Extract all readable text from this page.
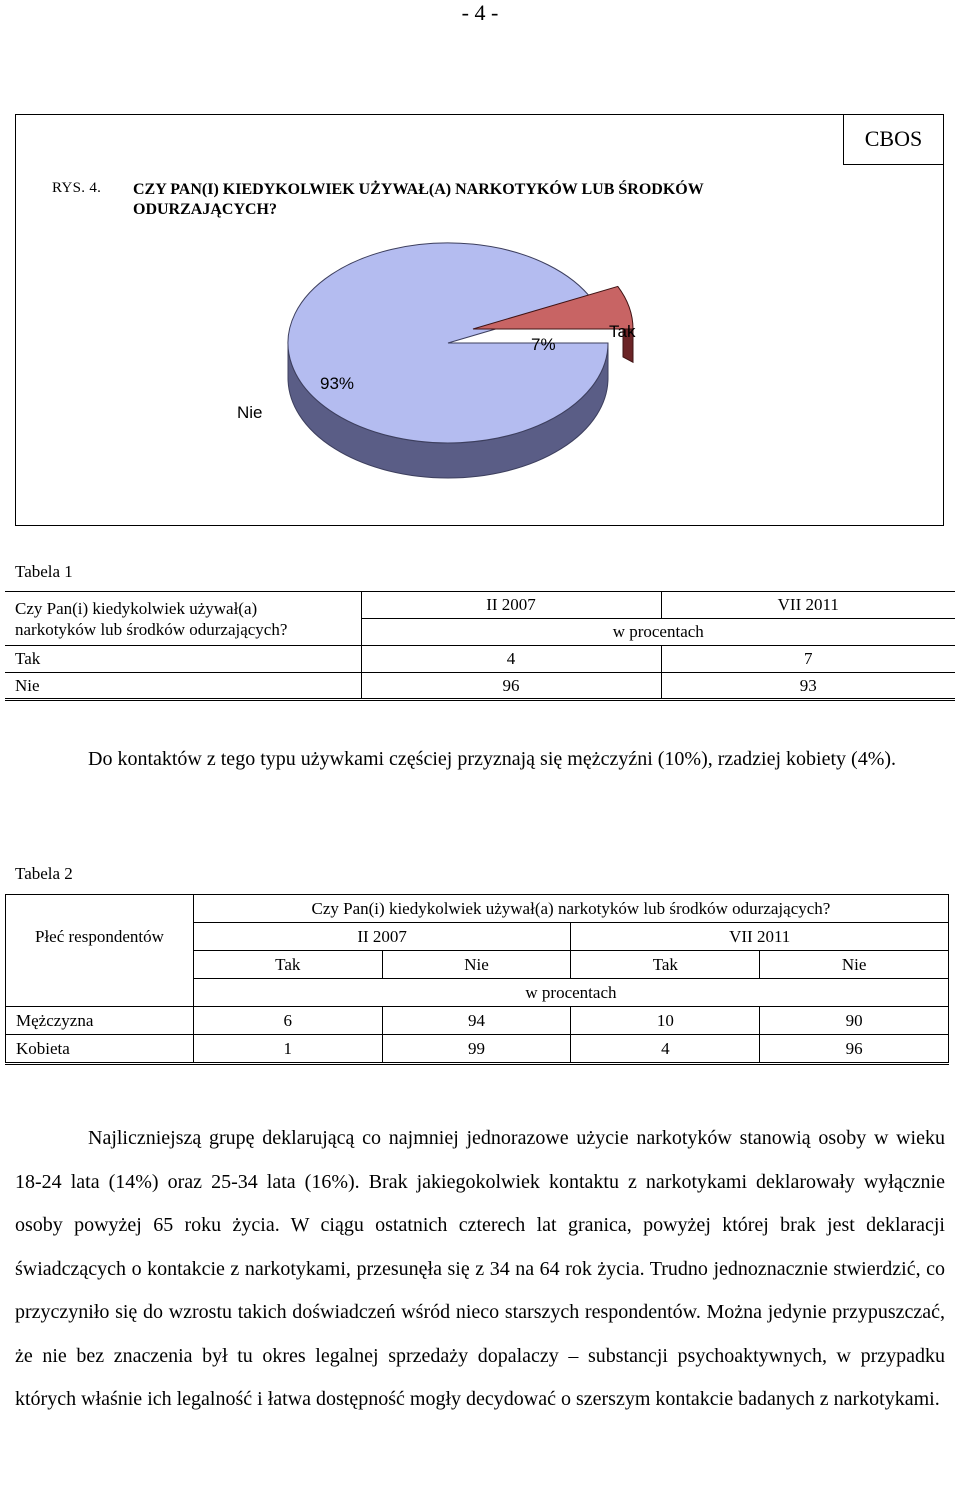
- 4 -
CBOS
RYS. 4. CZY PAN(I) KIEDYKOLWIEK UŻYWAŁ(A) NARKOTYKÓW LUB ŚRODKÓW ODURZAJĄCYCH?
93%
7%
Nie
Tak
Tabela 1
Czy Pan(i) kiedykolwiek używał(a)
narkotyków lub środków odurzających?	II 2007	VII 2011
	w procentach	
Tak	4	7
Nie	96	93
Do kontaktów z tego typu używkami częściej przyznają się mężczyźni (10%), rzadziej kobiety (4%).
Tabela 2
Płeć respondentów	Czy Pan(i) kiedykolwiek używał(a) narkotyków lub środków odurzających?			
	II 2007		VII 2011	
	Tak	Nie	Tak	Nie
	w procentach			
Mężczyzna	6	94	10	90
Kobieta	1	99	4	96
Najliczniejszą grupę deklarującą co najmniej jednorazowe użycie narkotyków stanowią osoby w wieku 18-24 lata (14%) oraz 25-34 lata (16%). Brak jakiegokolwiek kontaktu z narkotykami deklarowały wyłącznie osoby powyżej 65 roku życia. W ciągu ostatnich czterech lat granica, powyżej której brak jest deklaracji świadczących o kontakcie z narkotykami, przesunęła się z 34 na 64 rok życia. Trudno jednoznacznie stwierdzić, co przyczyniło się do wzrostu takich doświadczeń wśród nieco starszych respondentów. Można jedynie przypuszczać, że nie bez znaczenia był tu okres legalnej sprzedaży dopalaczy – substancji psychoaktywnych, w przypadku których właśnie ich legalność i łatwa dostępność mogły decydować o szerszym kontakcie badanych z narkotykami.
